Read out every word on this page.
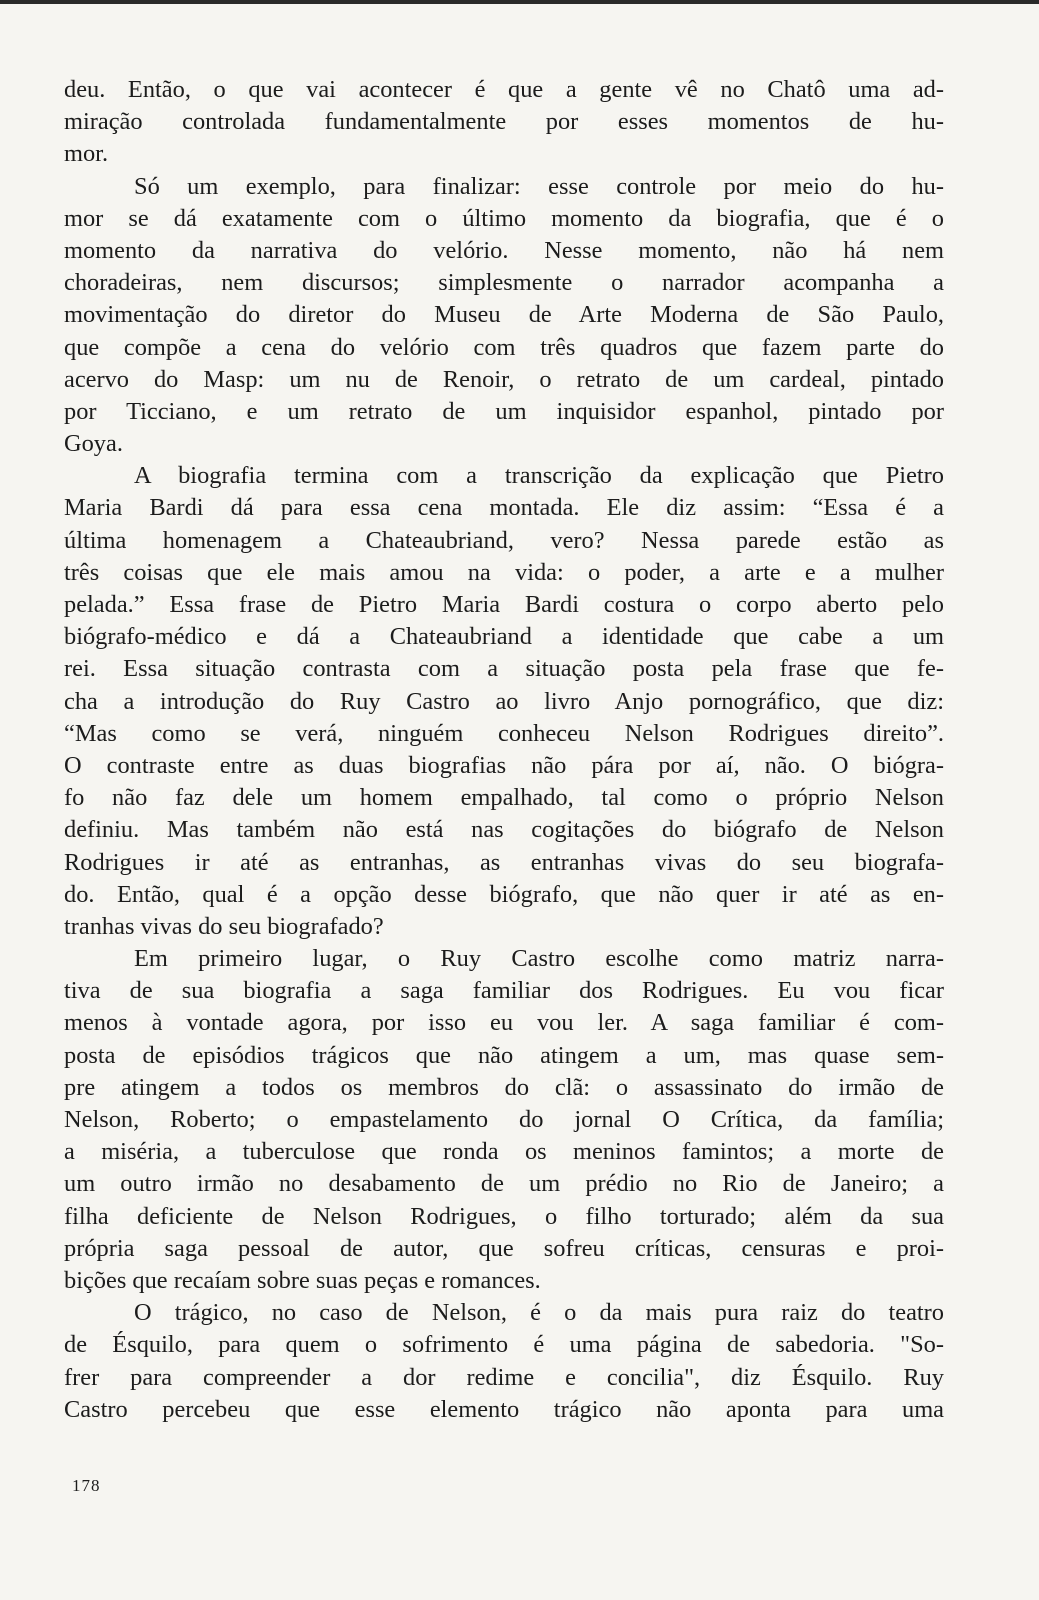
deu. Então, o que vai acontecer é que a gente vê no Chatô uma ad-
miração controlada fundamentalmente por esses momentos de hu-
mor.
Só um exemplo, para finalizar: esse controle por meio do hu-
mor se dá exatamente com o último momento da biografia, que é o
momento da narrativa do velório. Nesse momento, não há nem
choradeiras, nem discursos; simplesmente o narrador acompanha a
movimentação do diretor do Museu de Arte Moderna de São Paulo,
que compõe a cena do velório com três quadros que fazem parte do
acervo do Masp: um nu de Renoir, o retrato de um cardeal, pintado
por Ticciano, e um retrato de um inquisidor espanhol, pintado por
Goya.
A biografia termina com a transcrição da explicação que Pietro
Maria Bardi dá para essa cena montada. Ele diz assim: “Essa é a
última homenagem a Chateaubriand, vero? Nessa parede estão as
três coisas que ele mais amou na vida: o poder, a arte e a mulher
pelada.” Essa frase de Pietro Maria Bardi costura o corpo aberto pelo
biógrafo-médico e dá a Chateaubriand a identidade que cabe a um
rei. Essa situação contrasta com a situação posta pela frase que fe-
cha a introdução do Ruy Castro ao livro Anjo pornográfico, que diz:
“Mas como se verá, ninguém conheceu Nelson Rodrigues direito”.
O contraste entre as duas biografias não pára por aí, não. O biógra-
fo não faz dele um homem empalhado, tal como o próprio Nelson
definiu. Mas também não está nas cogitações do biógrafo de Nelson
Rodrigues ir até as entranhas, as entranhas vivas do seu biografa-
do. Então, qual é a opção desse biógrafo, que não quer ir até as en-
tranhas vivas do seu biografado?
Em primeiro lugar, o Ruy Castro escolhe como matriz narra-
tiva de sua biografia a saga familiar dos Rodrigues. Eu vou ficar
menos à vontade agora, por isso eu vou ler. A saga familiar é com-
posta de episódios trágicos que não atingem a um, mas quase sem-
pre atingem a todos os membros do clã: o assassinato do irmão de
Nelson, Roberto; o empastelamento do jornal O Crítica, da família;
a miséria, a tuberculose que ronda os meninos famintos; a morte de
um outro irmão no desabamento de um prédio no Rio de Janeiro; a
filha deficiente de Nelson Rodrigues, o filho torturado; além da sua
própria saga pessoal de autor, que sofreu críticas, censuras e proi-
bições que recaíam sobre suas peças e romances.
O trágico, no caso de Nelson, é o da mais pura raiz do teatro
de Ésquilo, para quem o sofrimento é uma página de sabedoria. "So-
frer para compreender a dor redime e concilia", diz Ésquilo. Ruy
Castro percebeu que esse elemento trágico não aponta para uma
178
